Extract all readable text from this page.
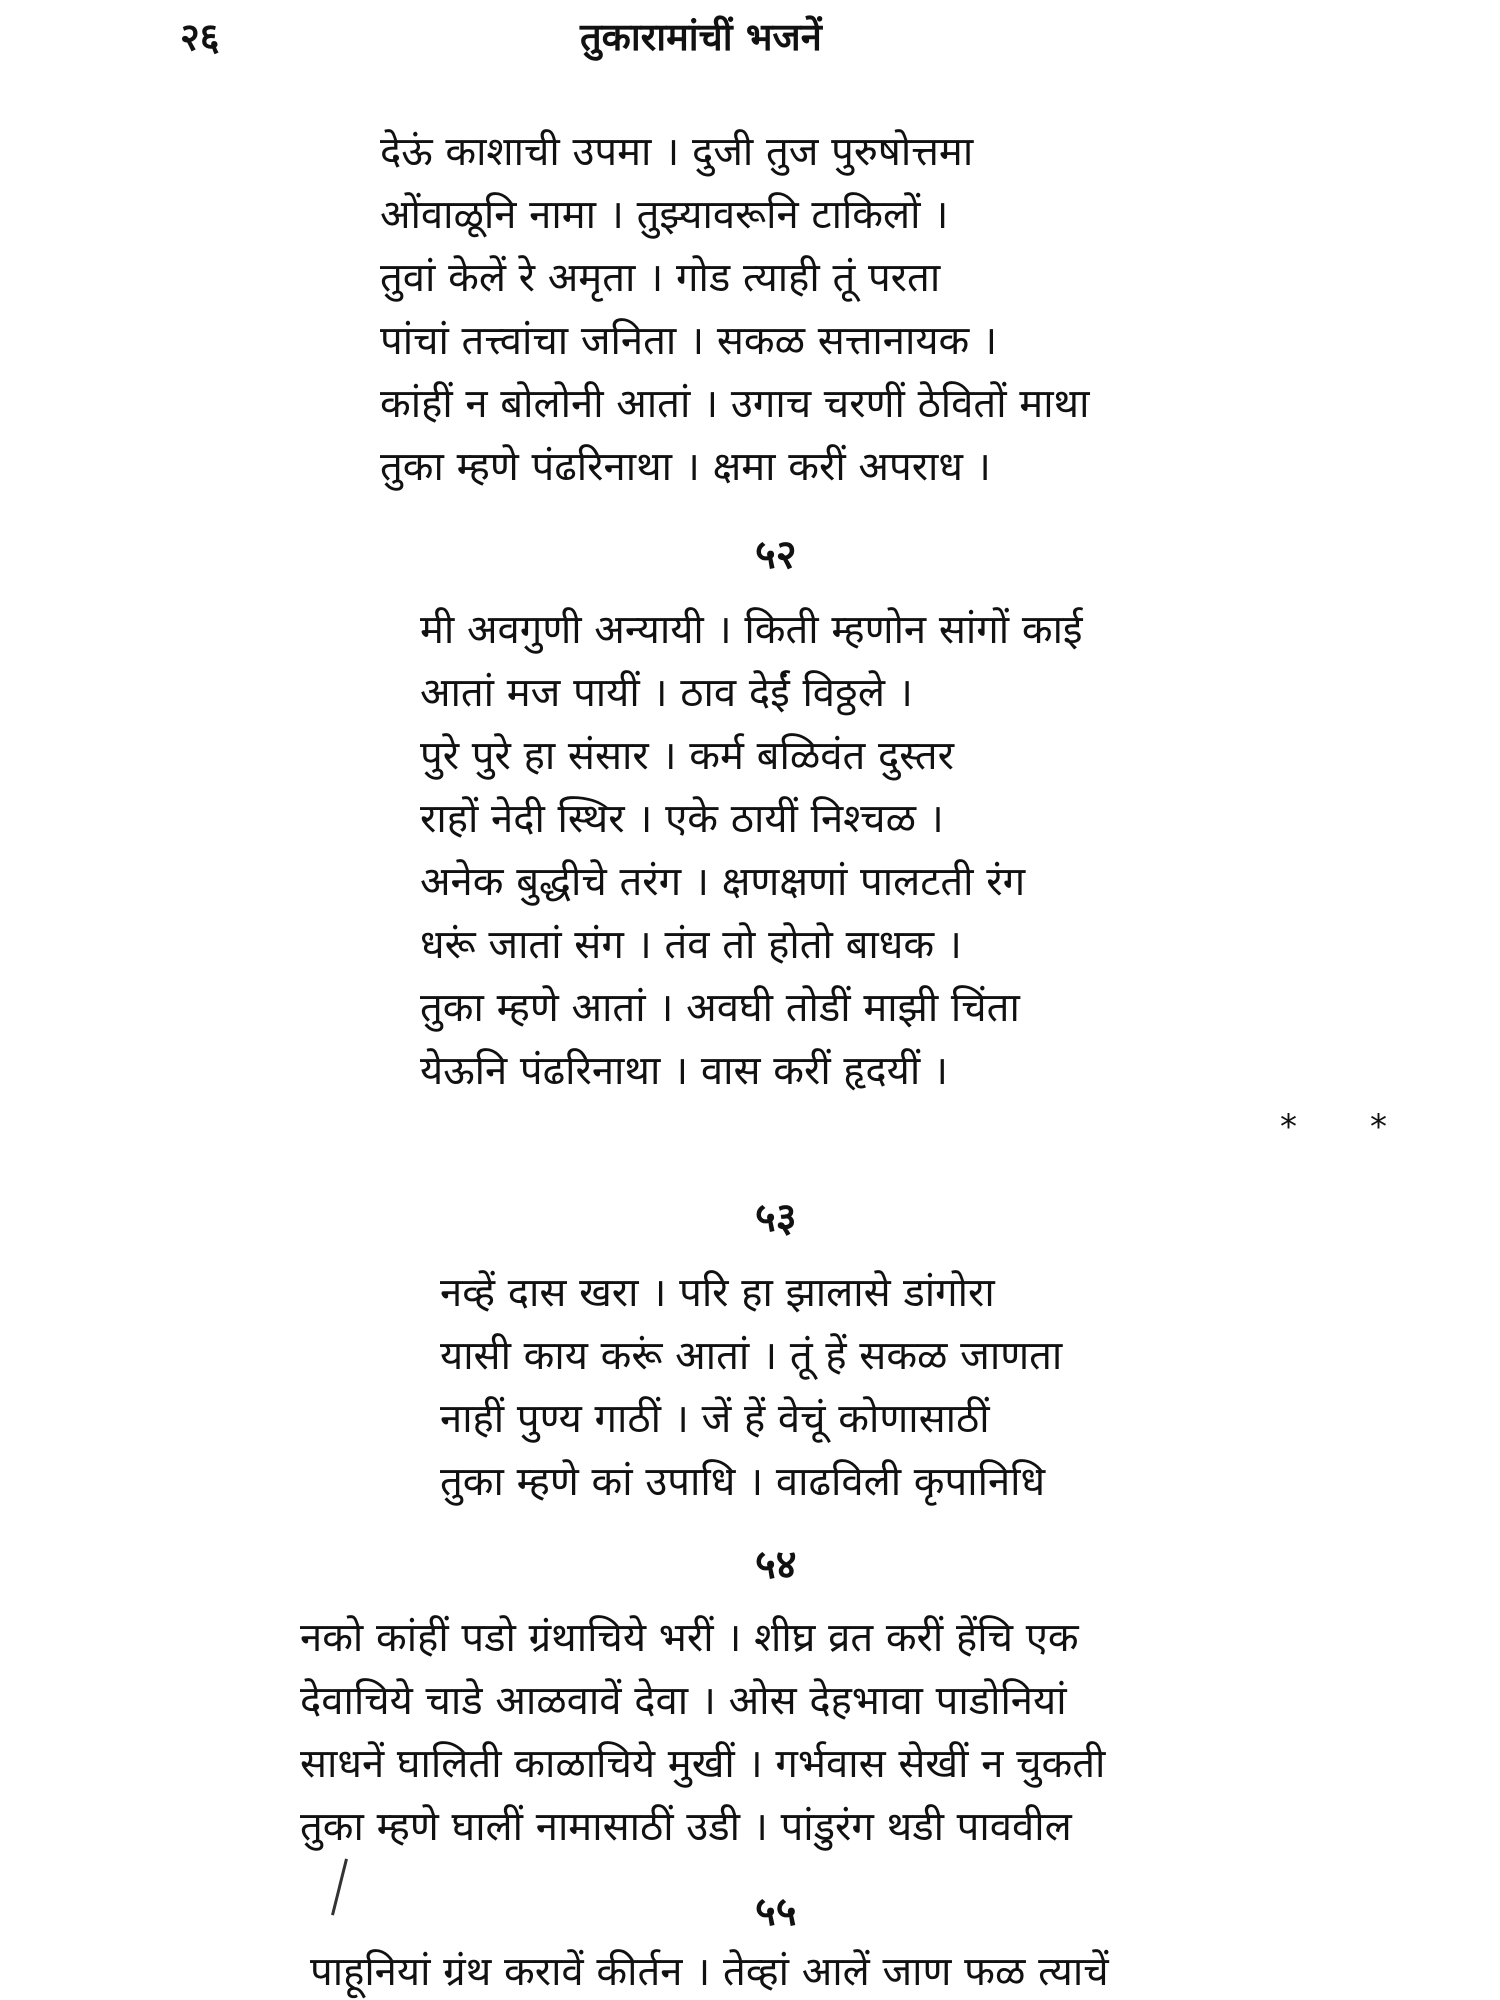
२६	तुकारामांचीं भजनें
देऊं काशाची उपमा । दुजी तुज पुरुषोत्तमा
ओंवाळूनि नामा । तुझ्यावरूनि टाकिलों ।
तुवां केलें रे अमृता । गोड त्याही तूं परता
पांचां तत्त्वांचा जनिता । सकळ सत्तानायक ।
कांहीं न बोलोनी आतां । उगाच चरणीं ठेवितों माथा
तुका म्हणे पंढरिनाथा । क्षमा करीं अपराध ।
५२
मी अवगुणी अन्यायी । किती म्हणोन सांगों काई
आतां मज पायीं । ठाव देईं विठ्ठले ।
पुरे पुरे हा संसार । कर्म बळिवंत दुस्तर
राहों नेदी स्थिर । एके ठायीं निश्चळ ।
अनेक बुद्धीचे तरंग । क्षणक्षणां पालटती रंग
धरूं जातां संग । तंव तो होतो बाधक ।
तुका म्हणे आतां । अवघी तोडीं माझी चिंता
येऊनि पंढरिनाथा । वास करीं हृदयीं ।
* *
५३
नव्हें दास खरा । परि हा झालासे डांगोरा
यासी काय करूं आतां । तूं हें सकळ जाणता
नाहीं पुण्य गाठीं । जें हें वेचूं कोणासाठीं
तुका म्हणे कां उपाधि । वाढविली कृपानिधि
५४
नको कांहीं पडो ग्रंथाचिये भरीं । शीघ्र व्रत करीं हेंचि एक
देवाचिये चाडे आळवावें देवा । ओस देहभावा पाडोनियां
साधनें घालिती काळाचिये मुखीं । गर्भवास सेखीं न चुकती
तुका म्हणे घालीं नामासाठीं उडी । पांडुरंग थडी पाववील
५५
पाहूनियां ग्रंथ करावें कीर्तन । तेव्हां आलें जाण फळ त्याचें
